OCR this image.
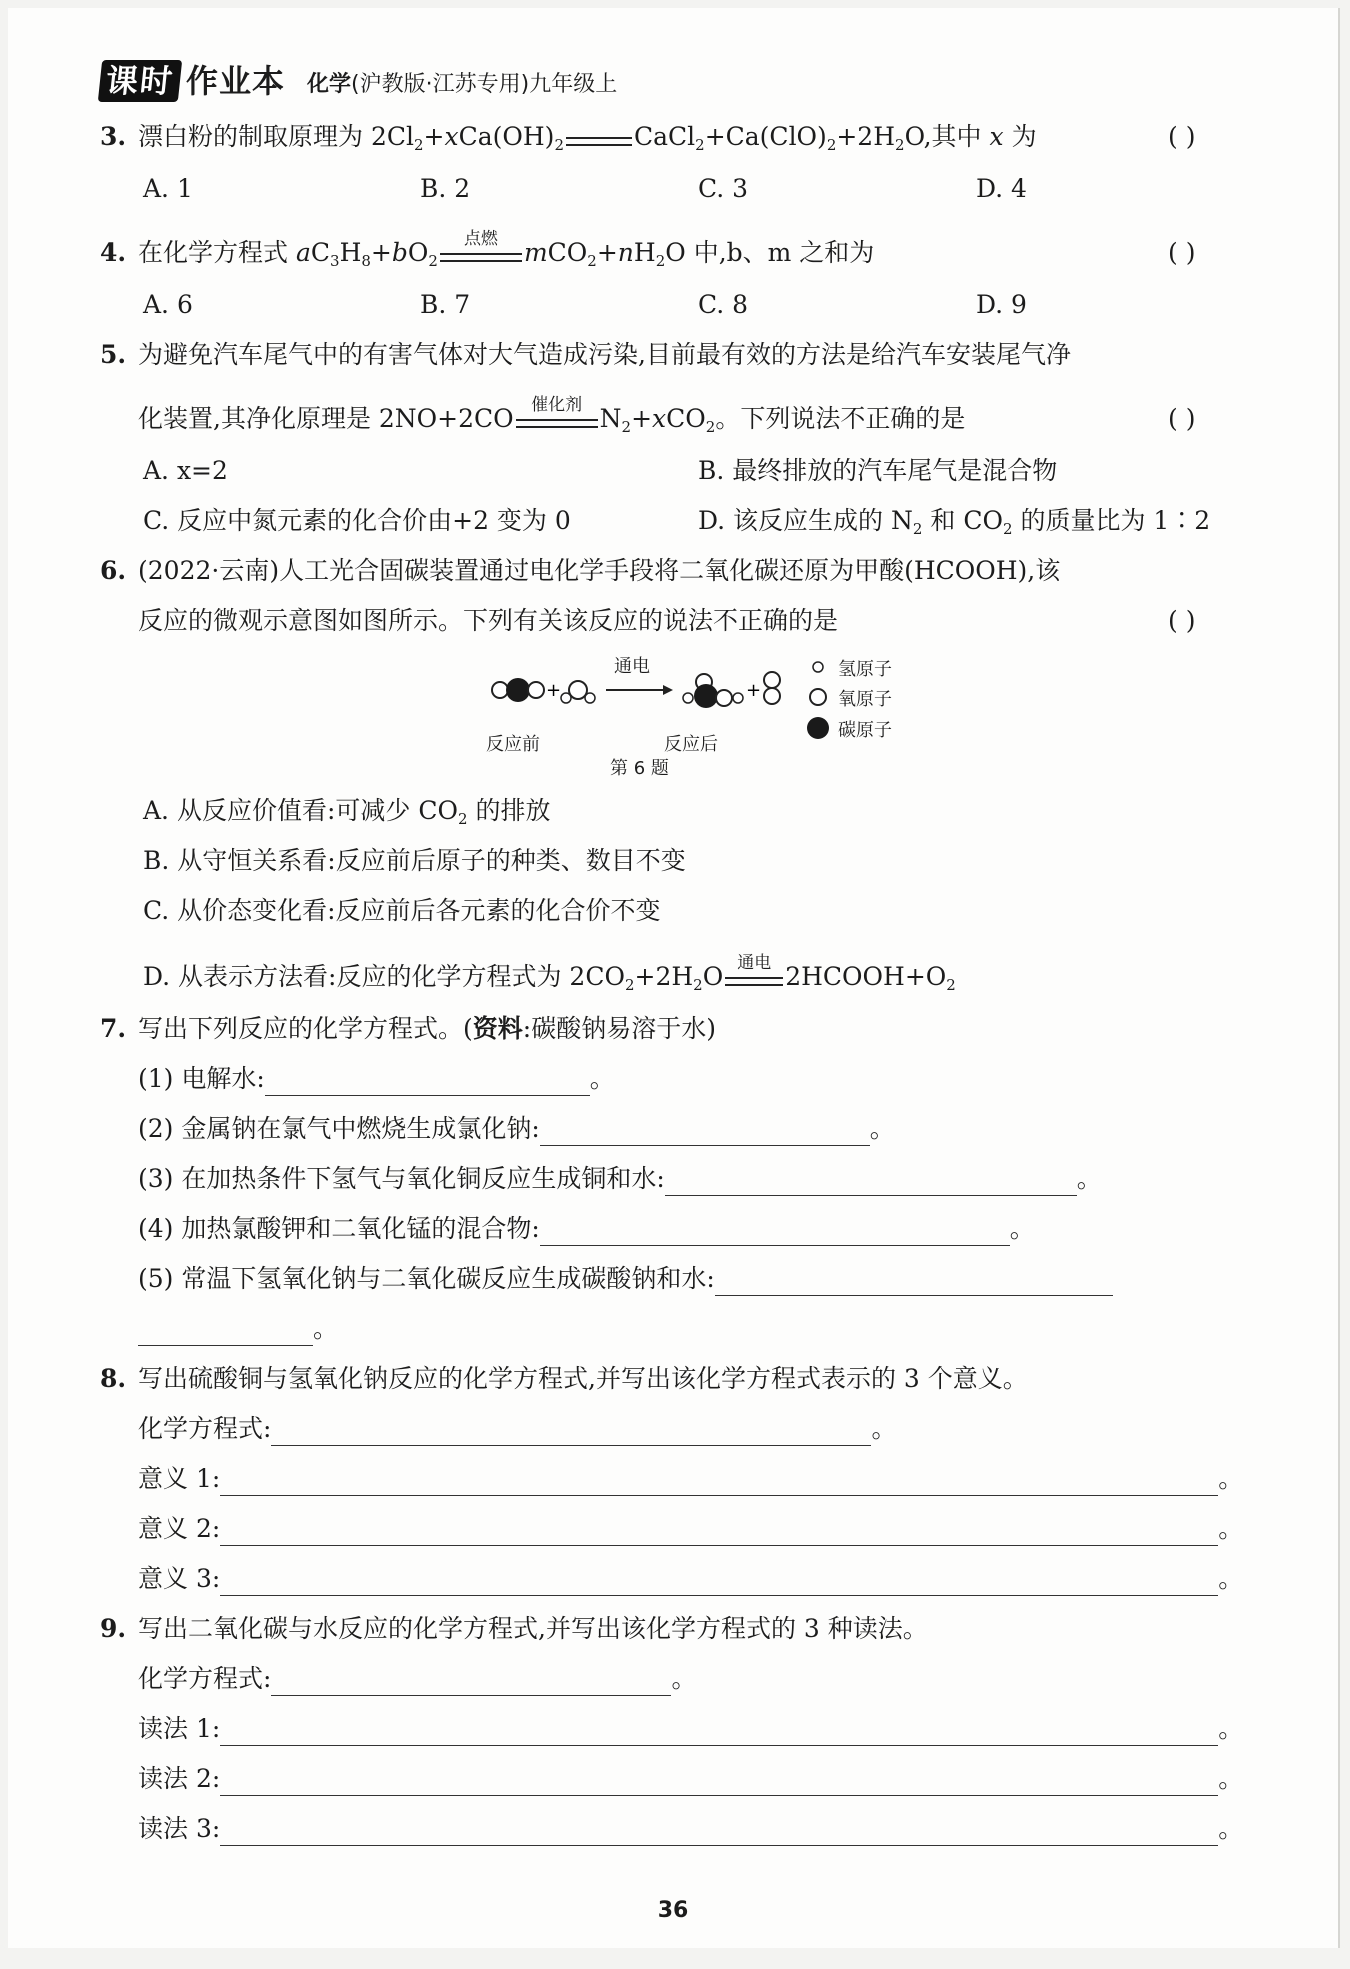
课时 作业本 化学(沪教版·江苏专用)九年级上
3. 漂白粉的制取原理为 $2Cl_2+xCa(OH)_2$	$CaCl_2+Ca(ClO)_2+2H_2O$,其中 x 为	( )
A. 1	B. 2	C. 3	D. 4
4. 在化学方程式 $aC_3H_8+bO_2$
点燃	$mCO_2+nH_2O$ 中,b、m 之和为	( )
A. 6	B. 7	C. 8	D. 9
5. 为避免汽车尾气中的有害气体对大气造成污染,目前最有效的方法是给汽车安装尾气净
化装置,其净化原理是 2NO+2CO	催化剂 $N_2+xCO_2$。下列说法不正确的是	( )
A. x=2	B. 最终排放的汽车尾气是混合物
C. 反应中氮元素的化合价由+2 变为 0	D. 该反应生成的 $N_2$ 和 $CO_2$ 的质量比为 1∶2
6. (2022·云南)人工光合固碳装置通过电化学手段将二氧化碳还原为甲酸(HCOOH),该
反应的微观示意图如图所示。下列有关该反应的说法不正确的是	( )
+	+
通电
反应前	反应后
第 6 题
氢原子
氧原子
碳原子
A. 从反应价值看:可减少 $CO_2$ 的排放
B. 从守恒关系看:反应前后原子的种类、数目不变
C. 从价态变化看:反应前后各元素的化合价不变
D. 从表示方法看:反应的化学方程式为 $2CO_2+2H_2O$ 通电 $2HCOOH+O_2$
7. 写出下列反应的化学方程式。(资料:碳酸钠易溶于水)
(1) 电解水:	。
(2) 金属钠在氯气中燃烧生成氯化钠:	。
(3) 在加热条件下氢气与氧化铜反应生成铜和水:	。
(4) 加热氯酸钾和二氧化锰的混合物:	。
(5) 常温下氢氧化钠与二氧化碳反应生成碳酸钠和水:
。
8. 写出硫酸铜与氢氧化钠反应的化学方程式,并写出该化学方程式表示的 3 个意义。
化学方程式:	。
意义 1:	。
意义 2:	。
意义 3:	。
9. 写出二氧化碳与水反应的化学方程式,并写出该化学方程式的 3 种读法。
化学方程式:	。
读法 1:	。
读法 2:	。
读法 3:	。
36
